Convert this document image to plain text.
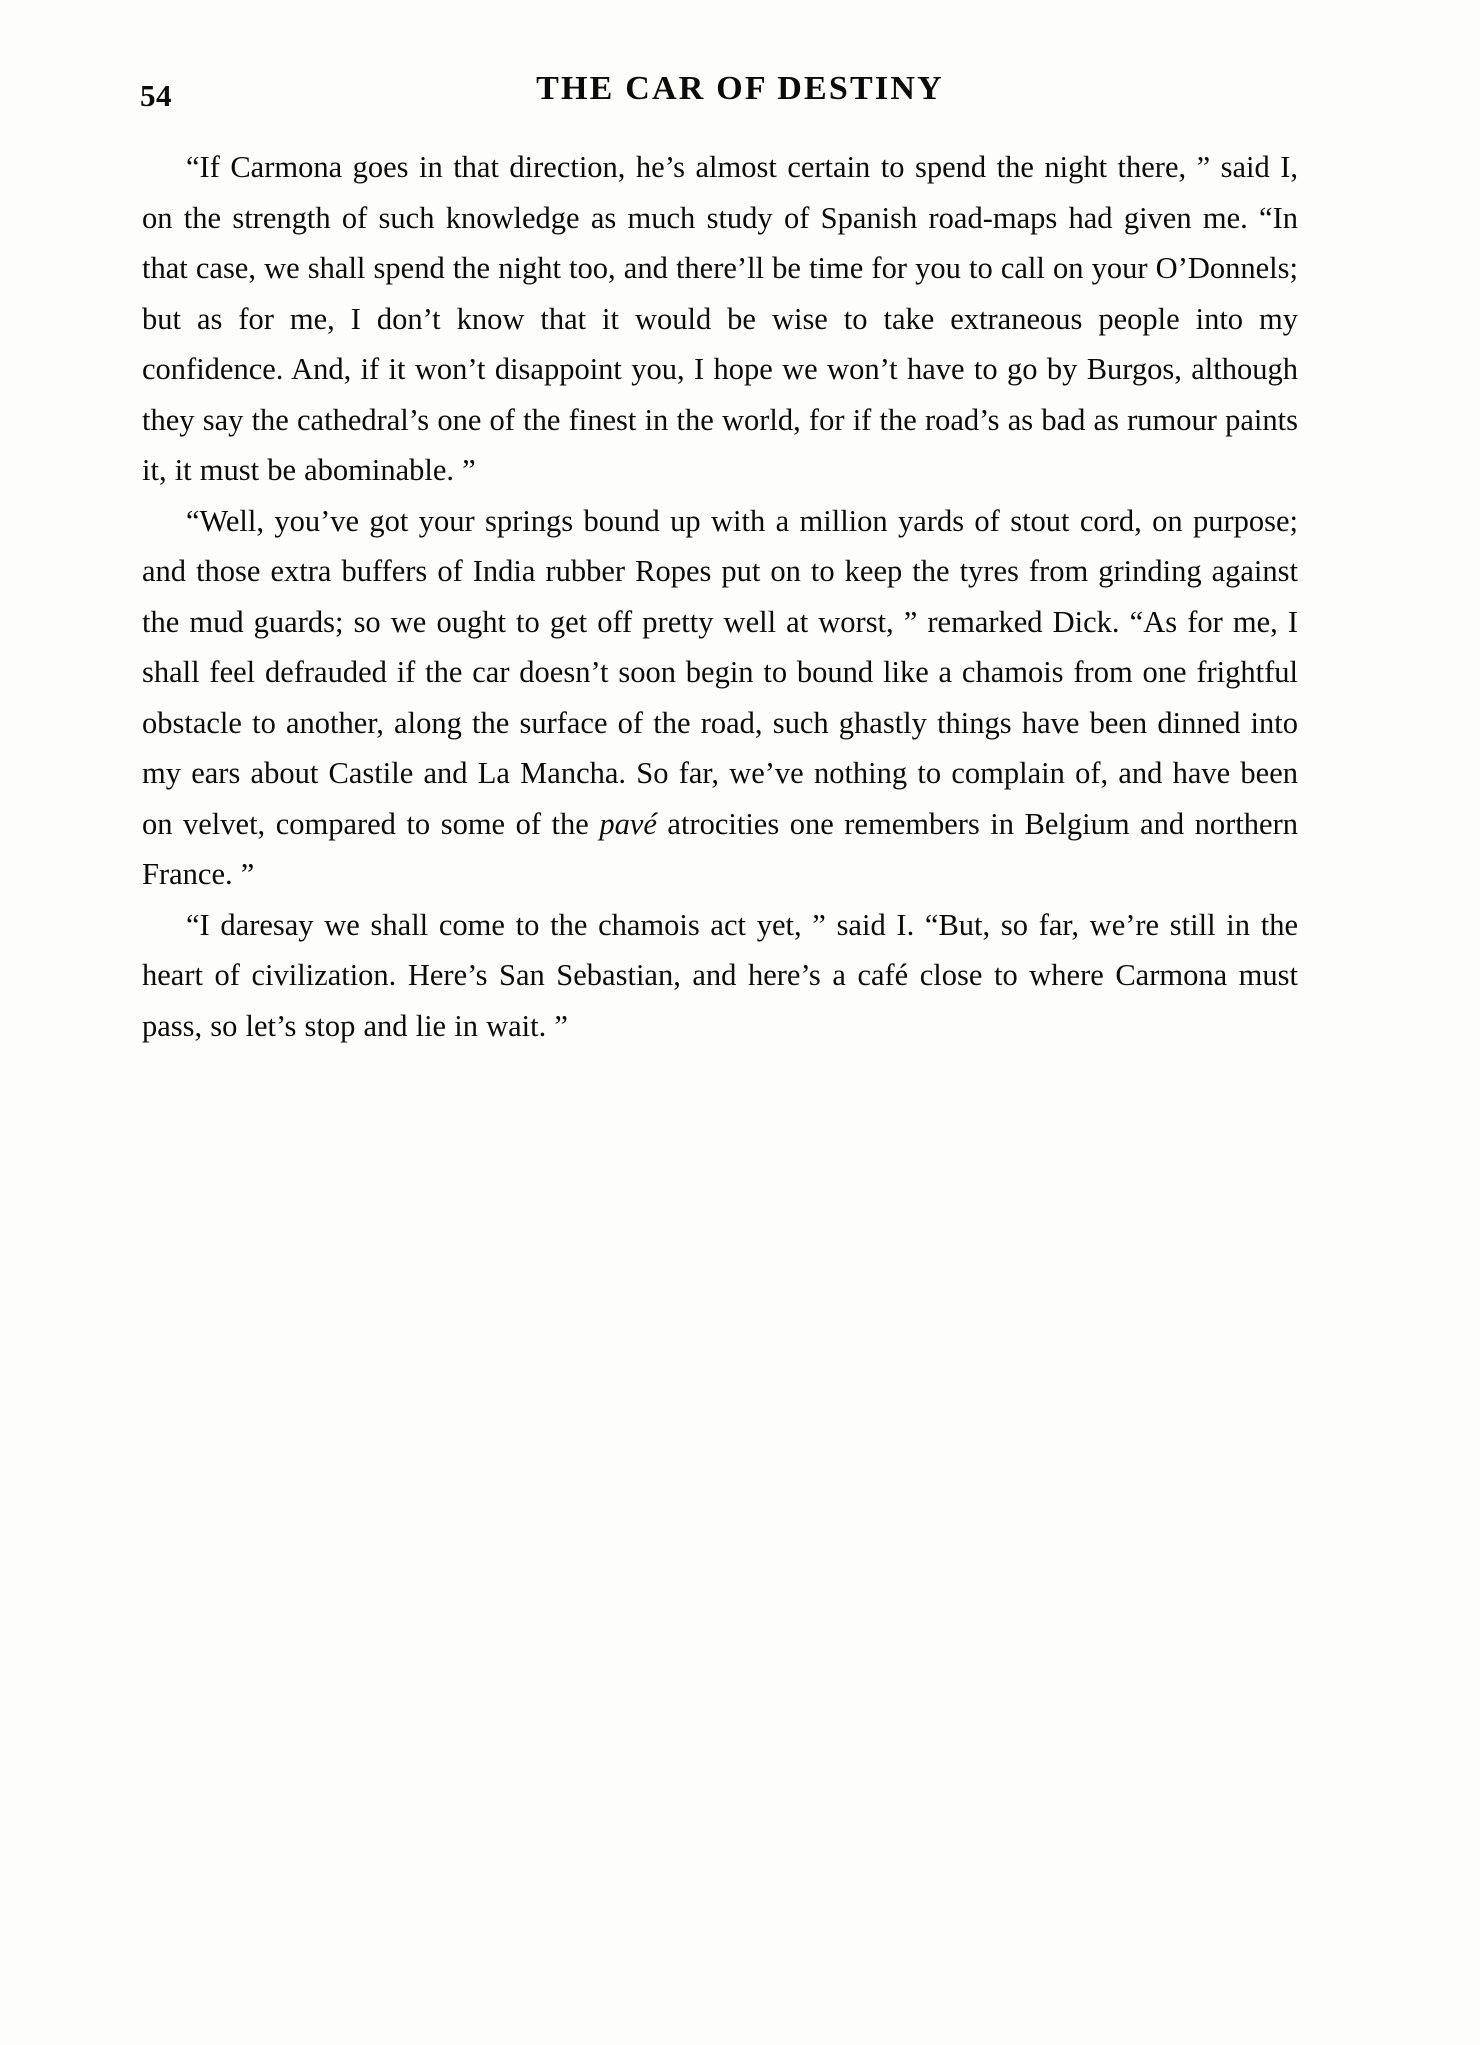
54	THE CAR OF DESTINY

“If Carmona goes in that direction, he’s almost certain to spend the night there, ” said I, on the strength of such knowledge as much study of Spanish road-maps had given me. “In that case, we shall spend the night too, and there’ll be time for you to call on your O’Donnels; but as for me, I don’t know that it would be wise to take extraneous people into my confidence. And, if it won’t disappoint you, I hope we won’t have to go by Burgos, although they say the cathedral’s one of the finest in the world, for if the road’s as bad as rumour paints it, it must be abominable. ”

“Well, you’ve got your springs bound up with a million yards of stout cord, on purpose; and those extra buffers of India rubber Ropes put on to keep the tyres from grinding against the mud guards; so we ought to get off pretty well at worst, ” remarked Dick. “As for me, I shall feel defrauded if the car doesn’t soon begin to bound like a chamois from one frightful obstacle to another, along the surface of the road, such ghastly things have been dinned into my ears about Castile and La Mancha. So far, we’ve nothing to complain of, and have been on velvet, compared to some of the pavé atrocities one remembers in Belgium and northern France. ”

“I daresay we shall come to the chamois act yet, ” said I. “But, so far, we’re still in the heart of civilization. Here’s San Sebastian, and here’s a café close to where Carmona must pass, so let’s stop and lie in wait. ”
